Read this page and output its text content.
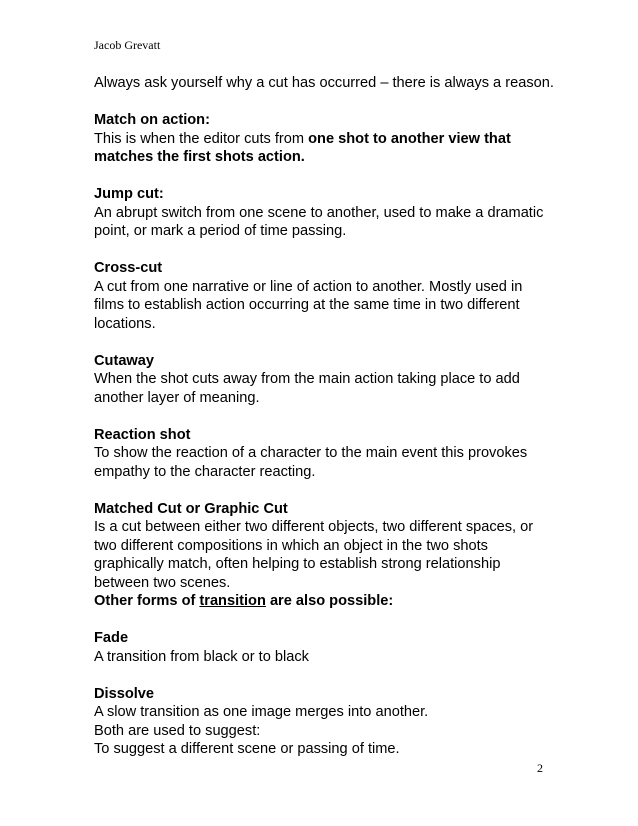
Jacob Grevatt

Always ask yourself why a cut has occurred – there is always a reason.

Match on action:

This is when the editor cuts from one shot to another view that matches the first shots action.

Jump cut:

An abrupt switch from one scene to another, used to make a dramatic point, or mark a period of time passing.

Cross-cut

A cut from one narrative or line of action to another. Mostly used in films to establish action occurring at the same time in two different locations.

Cutaway

When the shot cuts away from the main action taking place to add another layer of meaning.

Reaction shot

To show the reaction of a character to the main event this provokes empathy to the character reacting.

Matched Cut or Graphic Cut

Is a cut between either two different objects, two different spaces, or two different compositions in which an object in the two shots graphically match, often helping to establish strong relationship between two scenes.

Other forms of transition are also possible:

Fade

A transition from black or to black

Dissolve

A slow transition as one image merges into another.

Both are used to suggest:

To suggest a different scene or passing of time.

2
